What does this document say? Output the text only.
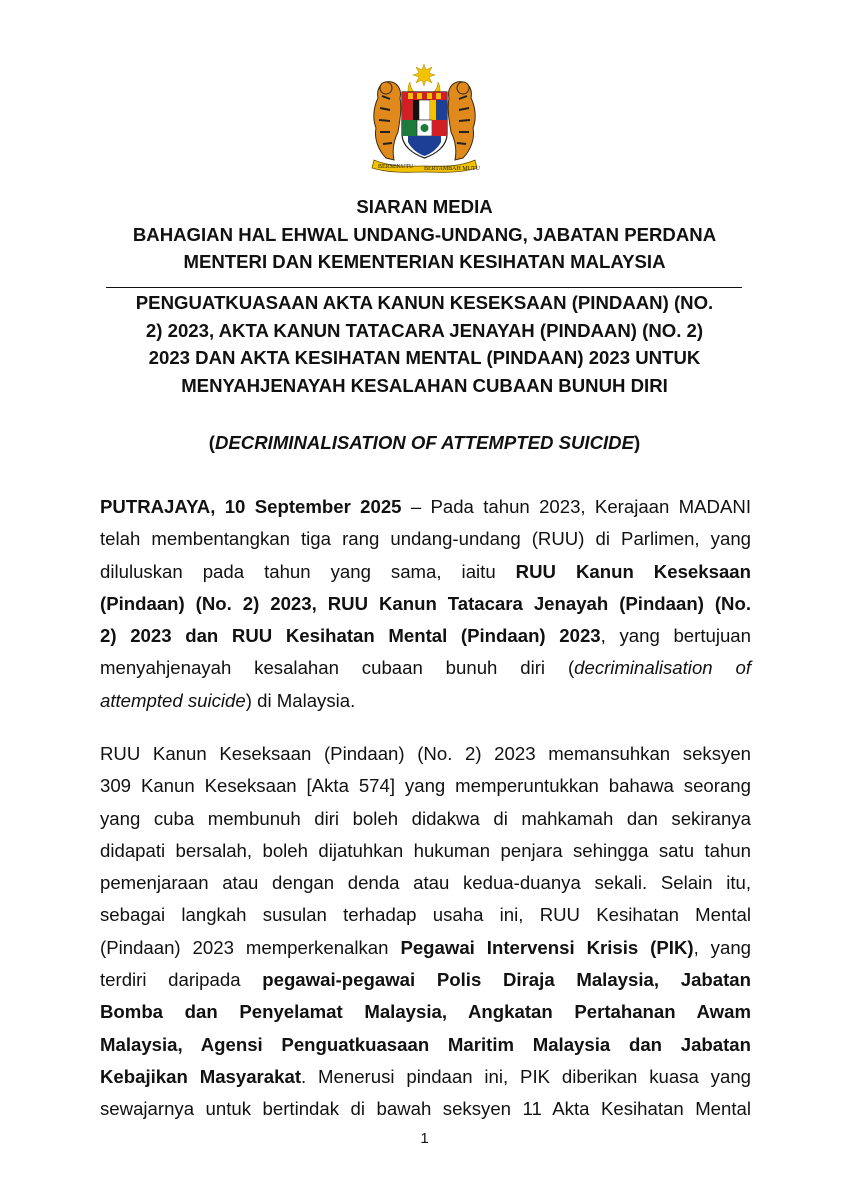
BERSEKUTU BERTAMBAH MUTU
SIARAN MEDIA
BAHAGIAN HAL EHWAL UNDANG-UNDANG, JABATAN PERDANA
MENTERI DAN KEMENTERIAN KESIHATAN MALAYSIA
PENGUATKUASAAN AKTA KANUN KESEKSAAN (PINDAAN) (NO.
2) 2023, AKTA KANUN TATACARA JENAYAH (PINDAAN) (NO. 2)
2023 DAN AKTA KESIHATAN MENTAL (PINDAAN) 2023 UNTUK
MENYAHJENAYAH KESALAHAN CUBAAN BUNUH DIRI
(DECRIMINALISATION OF ATTEMPTED SUICIDE)
PUTRAJAYA, 10 September 2025 – Pada tahun 2023, Kerajaan MADANI
telah membentangkan tiga rang undang-undang (RUU) di Parlimen, yang
diluluskan pada tahun yang sama, iaitu RUU Kanun Keseksaan
(Pindaan) (No. 2) 2023, RUU Kanun Tatacara Jenayah (Pindaan) (No.
2) 2023 dan RUU Kesihatan Mental (Pindaan) 2023, yang bertujuan
menyahjenayah kesalahan cubaan bunuh diri (decriminalisation of
attempted suicide) di Malaysia.
RUU Kanun Keseksaan (Pindaan) (No. 2) 2023 memansuhkan seksyen
309 Kanun Keseksaan [Akta 574] yang memperuntukkan bahawa seorang
yang cuba membunuh diri boleh didakwa di mahkamah dan sekiranya
didapati bersalah, boleh dijatuhkan hukuman penjara sehingga satu tahun
pemenjaraan atau dengan denda atau kedua-duanya sekali. Selain itu,
sebagai langkah susulan terhadap usaha ini, RUU Kesihatan Mental
(Pindaan) 2023 memperkenalkan Pegawai Intervensi Krisis (PIK), yang
terdiri daripada pegawai-pegawai Polis Diraja Malaysia, Jabatan
Bomba dan Penyelamat Malaysia, Angkatan Pertahanan Awam
Malaysia, Agensi Penguatkuasaan Maritim Malaysia dan Jabatan
Kebajikan Masyarakat. Menerusi pindaan ini, PIK diberikan kuasa yang
sewajarnya untuk bertindak di bawah seksyen 11 Akta Kesihatan Mental
1
